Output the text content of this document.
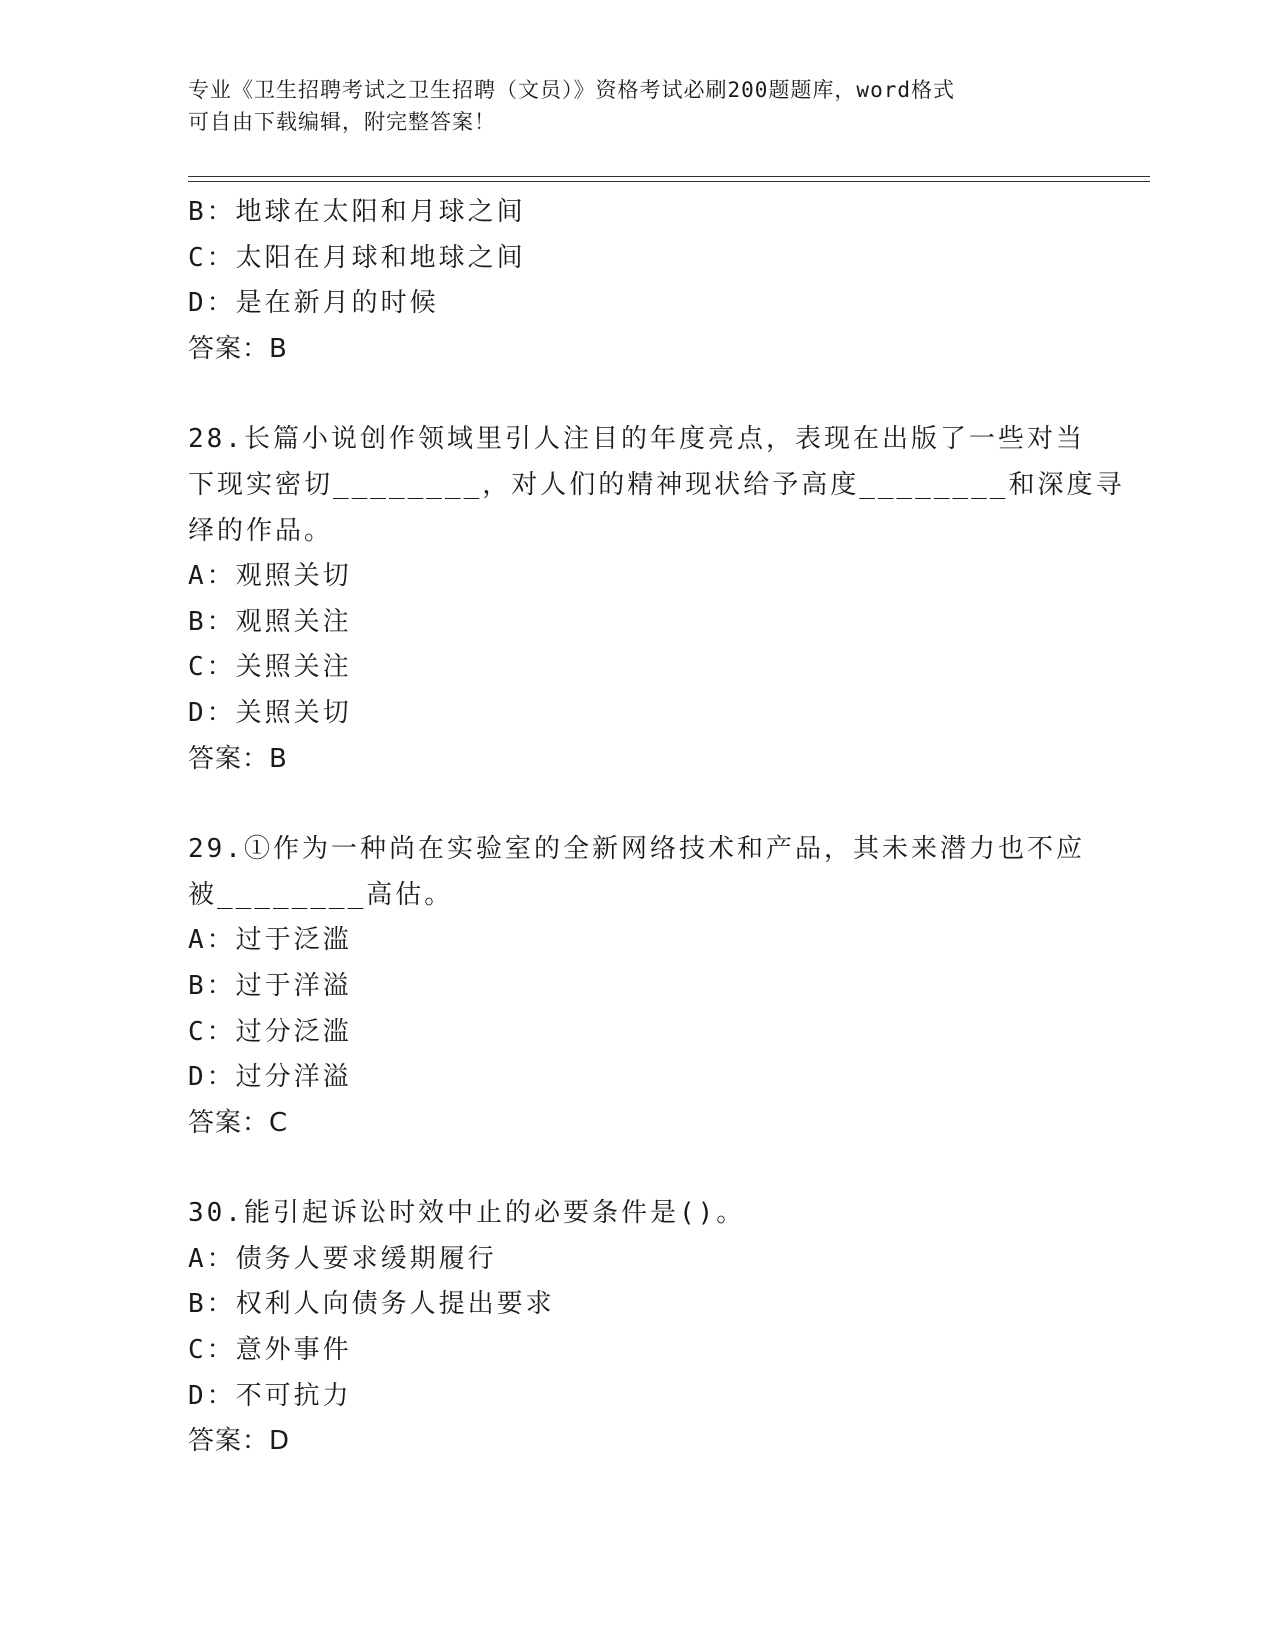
专业《卫生招聘考试之卫生招聘（文员）》资格考试必刷200题题库，word格式
可自由下载编辑，附完整答案！
B：地球在太阳和月球之间
C：太阳在月球和地球之间
D：是在新月的时候
答案：B
28.长篇小说创作领域里引人注目的年度亮点，表现在出版了一些对当
下现实密切________，对人们的精神现状给予高度________和深度寻
绎的作品。
A：观照关切
B：观照关注
C：关照关注
D：关照关切
答案：B
29.①作为一种尚在实验室的全新网络技术和产品，其未来潜力也不应
被________高估。
A：过于泛滥
B：过于洋溢
C：过分泛滥
D：过分洋溢
答案：C
30.能引起诉讼时效中止的必要条件是()。
A：债务人要求缓期履行
B：权利人向债务人提出要求
C：意外事件
D：不可抗力
答案：D
